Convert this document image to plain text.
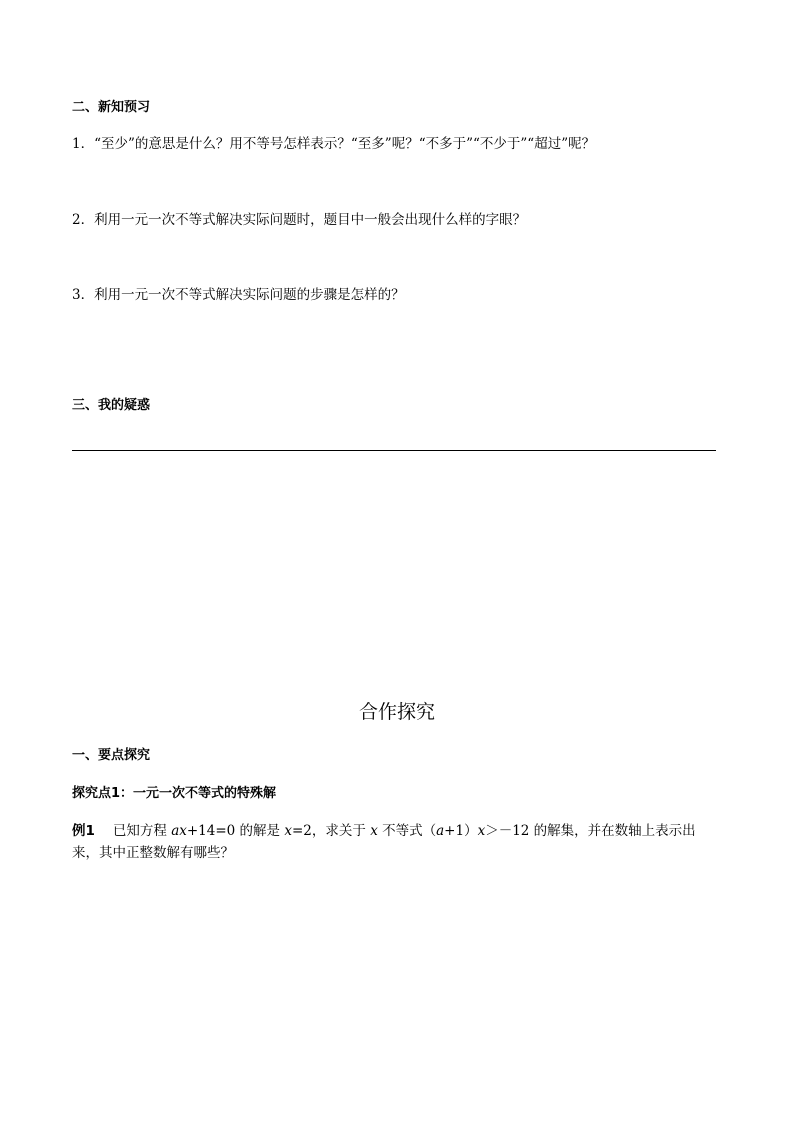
二、新知预习
1．“至少”的意思是什么？用不等号怎样表示？“至多”呢？“不多于”“不少于”“超过”呢？
2．利用一元一次不等式解决实际问题时，题目中一般会出现什么样的字眼？
3．利用一元一次不等式解决实际问题的步骤是怎样的？
三、我的疑惑
合作探究
一、要点探究
探究点1：一元一次不等式的特殊解
例1 已知方程 ax+14=0 的解是 x=2，求关于 x 不等式（a+1）x＞－12 的解集，并在数轴上表示出来，其中正整数解有哪些？
